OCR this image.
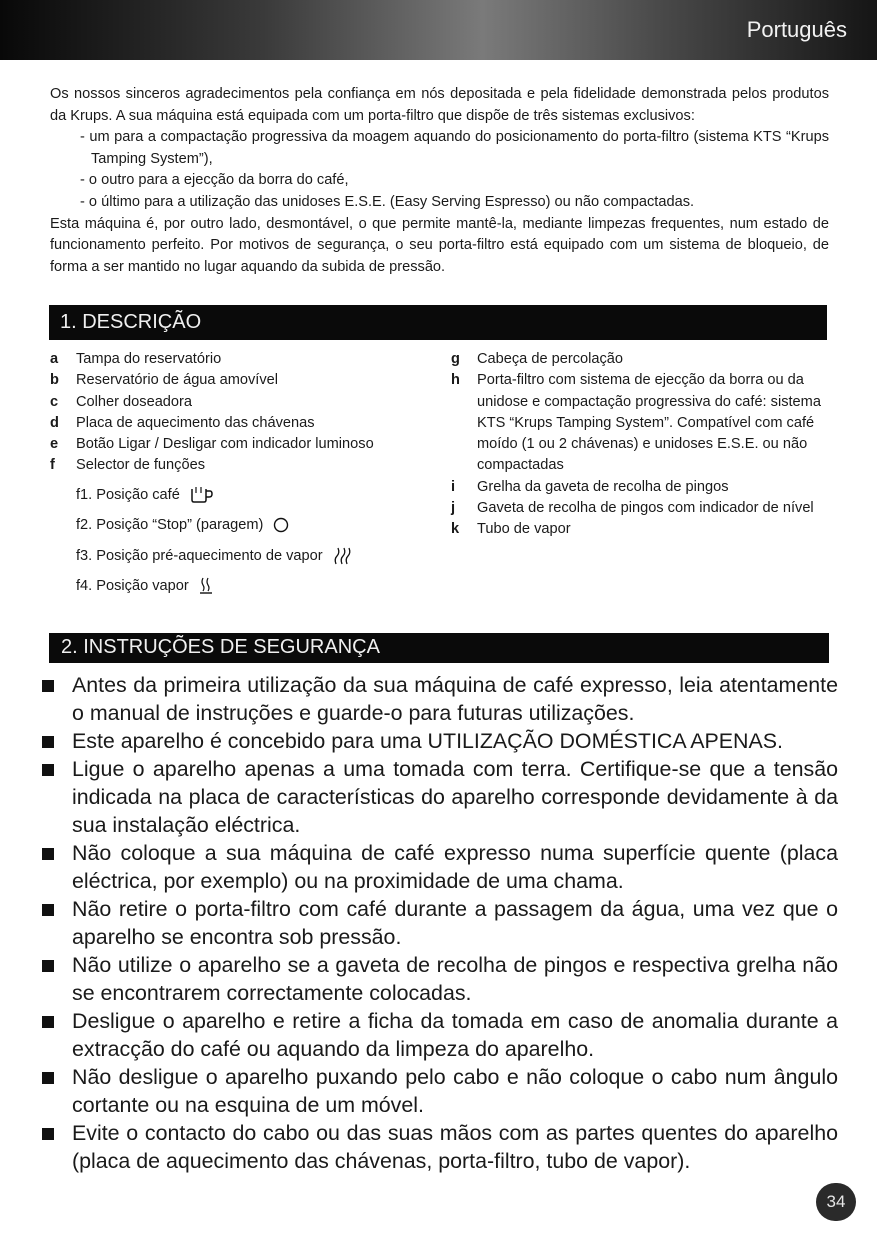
Português

Os nossos sinceros agradecimentos pela confiança em nós depositada e pela fidelidade demonstrada pelos produtos da Krups. A sua máquina está equipada com um porta-filtro que dispõe de três sistemas exclusivos:

- um para a compactação progressiva da moagem aquando do posicionamento do porta-filtro (sistema KTS “Krups Tamping System”),

- o outro para a ejecção da borra do café,

- o último para a utilização das unidoses E.S.E. (Easy Serving Espresso) ou não compactadas.

Esta máquina é, por outro lado, desmontável, o que permite mantê-la, mediante limpezas frequentes, num estado de funcionamento perfeito. Por motivos de segurança, o seu porta-filtro está equipado com um sistema de bloqueio, de forma a ser mantido no lugar aquando da subida de pressão.

1. DESCRIÇÃO
a Tampa do reservatório
b Reservatório de água amovível
c Colher doseadora
d Placa de aquecimento das chávenas
e Botão Ligar / Desligar com indicador luminoso
f Selector de funções
f1. Posição café
f2. Posição “Stop” (paragem)
f3. Posição pré-aquecimento de vapor
f4. Posição vapor
g Cabeça de percolação
h Porta-filtro com sistema de ejecção da borra ou da unidose e compactação progressiva do café: sistema KTS “Krups Tamping System”. Compatível com café moído (1 ou 2 chávenas) e unidoses E.S.E. ou não compactadas
i Grelha da gaveta de recolha de pingos
j Gaveta de recolha de pingos com indicador de nível
k Tubo de vapor
2. INSTRUÇÕES DE SEGURANÇA
Antes da primeira utilização da sua máquina de café expresso, leia atentamente o manual de instruções e guarde-o para futuras utilizações.
Este aparelho é concebido para uma UTILIZAÇÃO DOMÉSTICA APENAS.
Ligue o aparelho apenas a uma tomada com terra. Certifique-se que a tensão indicada na placa de características do aparelho corresponde devidamente à da sua instalação eléctrica.
Não coloque a sua máquina de café expresso numa superfície quente (placa eléctrica, por exemplo) ou na proximidade de uma chama.
Não retire o porta-filtro com café durante a passagem da água, uma vez que o aparelho se encontra sob pressão.
Não utilize o aparelho se a gaveta de recolha de pingos e respectiva grelha não se encontrarem correctamente colocadas.
Desligue o aparelho e retire a ficha da tomada em caso de anomalia durante a extracção do café ou aquando da limpeza do aparelho.
Não desligue o aparelho puxando pelo cabo e não coloque o cabo num ângulo cortante ou na esquina de um móvel.
Evite o contacto do cabo ou das suas mãos com as partes quentes do aparelho (placa de aquecimento das chávenas, porta-filtro, tubo de vapor).
34
